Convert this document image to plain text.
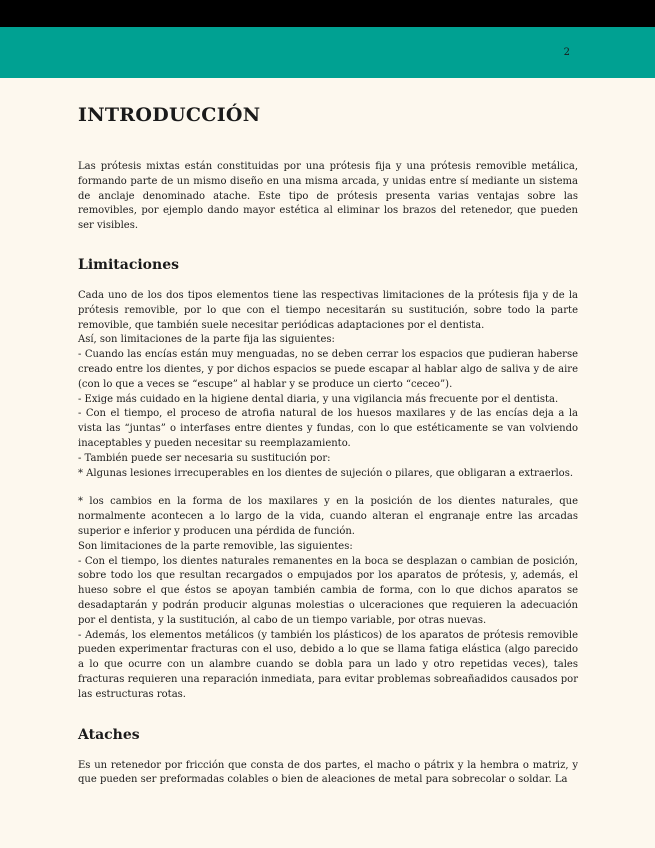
2
INTRODUCCIÓN

Las prótesis mixtas están constituidas por una prótesis fija y una prótesis removible metálica, formando parte de un mismo diseño en una misma arcada, y unidas entre sí mediante un sistema de anclaje denominado atache. Este tipo de prótesis presenta varias ventajas sobre las removibles, por ejemplo dando mayor estética al eliminar los brazos del retenedor, que pueden ser visibles.

Limitaciones

Cada uno de los dos tipos elementos tiene las respectivas limitaciones de la prótesis fija y de la prótesis removible, por lo que con el tiempo necesitarán su sustitución, sobre todo la parte removible, que también suele necesitar periódicas adaptaciones por el dentista.

Así, son limitaciones de la parte fija las siguientes:

- Cuando las encías están muy menguadas, no se deben cerrar los espacios que pudieran haberse creado entre los dientes, y por dichos espacios se puede escapar al hablar algo de saliva y de aire (con lo que a veces se “escupe” al hablar y se produce un cierto “ceceo”).

- Exige más cuidado en la higiene dental diaria, y una vigilancia más frecuente por el dentista.

- Con el tiempo, el proceso de atrofia natural de los huesos maxilares y de las encías deja a la vista las “juntas” o interfases entre dientes y fundas, con lo que estéticamente se van volviendo inaceptables y pueden necesitar su reemplazamiento.

- También puede ser necesaria su sustitución por:

* Algunas lesiones irrecuperables en los dientes de sujeción o pilares, que obligaran a extraerlos.

* los cambios en la forma de los maxilares y en la posición de los dientes naturales, que normalmente acontecen a lo largo de la vida, cuando alteran el engranaje entre las arcadas superior e inferior y producen una pérdida de función.

Son limitaciones de la parte removible, las siguientes:

- Con el tiempo, los dientes naturales remanentes en la boca se desplazan o cambian de posición, sobre todo los que resultan recargados o empujados por los aparatos de prótesis, y, además, el hueso sobre el que éstos se apoyan también cambia de forma, con lo que dichos aparatos se desadaptarán y podrán producir algunas molestias o ulceraciones que requieren la adecuación por el dentista, y la sustitución, al cabo de un tiempo variable, por otras nuevas.

- Además, los elementos metálicos (y también los plásticos) de los aparatos de prótesis removible pueden experimentar fracturas con el uso, debido a lo que se llama fatiga elástica (algo parecido a lo que ocurre con un alambre cuando se dobla para un lado y otro repetidas veces), tales fracturas requieren una reparación inmediata, para evitar problemas sobreañadidos causados por las estructuras rotas.

Ataches

Es un retenedor por fricción que consta de dos partes, el macho o pátrix y la hembra o matriz, y que pueden ser preformadas colables o bien de aleaciones de metal para sobrecolar o soldar. La
